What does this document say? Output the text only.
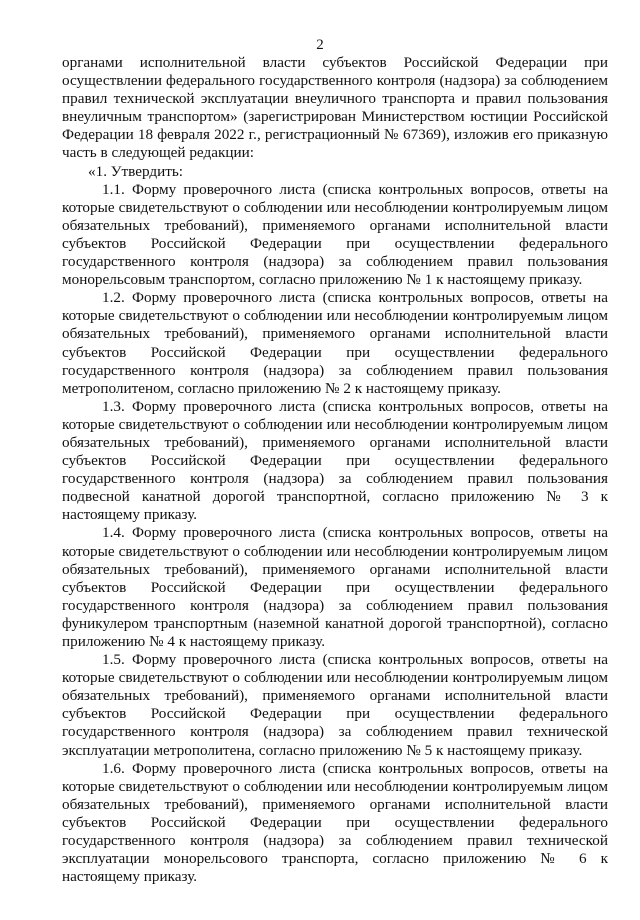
2

органами исполнительной власти субъектов Российской Федерации при осуществлении федерального государственного контроля (надзора) за соблюдением правил технической эксплуатации внеуличного транспорта и правил пользования внеуличным транспортом» (зарегистрирован Министерством юстиции Российской Федерации 18 февраля 2022 г., регистрационный № 67369), изложив его приказную часть в следующей редакции:

«1. Утвердить:

1.1. Форму проверочного листа (списка контрольных вопросов, ответы на которые свидетельствуют о соблюдении или несоблюдении контролируемым лицом обязательных требований), применяемого органами исполнительной власти субъектов Российской Федерации при осуществлении федерального государственного контроля (надзора) за соблюдением правил пользования монорельсовым транспортом, согласно приложению № 1 к настоящему приказу.

1.2. Форму проверочного листа (списка контрольных вопросов, ответы на которые свидетельствуют о соблюдении или несоблюдении контролируемым лицом обязательных требований), применяемого органами исполнительной власти субъектов Российской Федерации при осуществлении федерального государственного контроля (надзора) за соблюдением правил пользования метрополитеном, согласно приложению № 2 к настоящему приказу.

1.3. Форму проверочного листа (списка контрольных вопросов, ответы на которые свидетельствуют о соблюдении или несоблюдении контролируемым лицом обязательных требований), применяемого органами исполнительной власти субъектов Российской Федерации при осуществлении федерального государственного контроля (надзора) за соблюдением правил пользования подвесной канатной дорогой транспортной, согласно приложению № 3 к настоящему приказу.

1.4. Форму проверочного листа (списка контрольных вопросов, ответы на которые свидетельствуют о соблюдении или несоблюдении контролируемым лицом обязательных требований), применяемого органами исполнительной власти субъектов Российской Федерации при осуществлении федерального государственного контроля (надзора) за соблюдением правил пользования фуникулером транспортным (наземной канатной дорогой транспортной), согласно приложению № 4 к настоящему приказу.

1.5. Форму проверочного листа (списка контрольных вопросов, ответы на которые свидетельствуют о соблюдении или несоблюдении контролируемым лицом обязательных требований), применяемого органами исполнительной власти субъектов Российской Федерации при осуществлении федерального государственного контроля (надзора) за соблюдением правил технической эксплуатации метрополитена, согласно приложению № 5 к настоящему приказу.

1.6. Форму проверочного листа (списка контрольных вопросов, ответы на которые свидетельствуют о соблюдении или несоблюдении контролируемым лицом обязательных требований), применяемого органами исполнительной власти субъектов Российской Федерации при осуществлении федерального государственного контроля (надзора) за соблюдением правил технической эксплуатации монорельсового транспорта, согласно приложению № 6 к настоящему приказу.
